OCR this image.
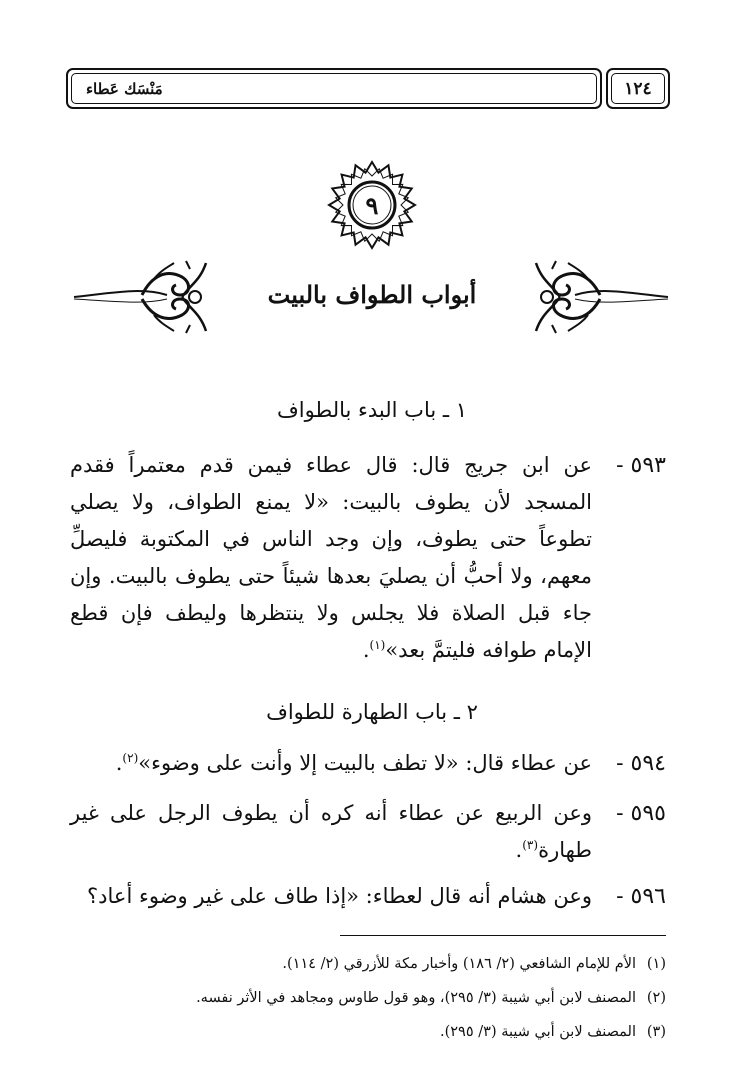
مَنْسَك عَطاء	١٢٤
٩
أبواب الطواف بالبيت
١ ـ باب البدء بالطواف
٥٩٣ -
عن ابن جريج قال: قال عطاء فيمن قدم معتمراً فقدم المسجد لأن يطوف بالبيت: «لا يمنع الطواف، ولا يصلي تطوعاً حتى يطوف، وإن وجد الناس في المكتوبة فليصلِّ معهم، ولا أحبُّ أن يصليَ بعدها شيئاً حتى يطوف بالبيت. وإن جاء قبل الصلاة فلا يجلس ولا ينتظرها وليطف فإن قطع الإمام طوافه فليتمَّ بعد»$^{(١)}$.
٢ ـ باب الطهارة للطواف
٥٩٤ -
عن عطاء قال: «لا تطف بالبيت إلا وأنت على وضوء»$^{(٢)}$.
٥٩٥ -
وعن الربيع عن عطاء أنه كره أن يطوف الرجل على غير طهارة$^{(٣)}$.
٥٩٦ -
وعن هشام أنه قال لعطاء: «إذا طاف على غير وضوء أعاد؟
(١)الأم للإمام الشافعي (٢/ ١٨٦) وأخبار مكة للأزرقي (٢/ ١١٤).
(٢)المصنف لابن أبي شيبة (٣/ ٢٩٥)، وهو قول طاوس ومجاهد في الأثر نفسه.
(٣)المصنف لابن أبي شيبة (٣/ ٢٩٥).
